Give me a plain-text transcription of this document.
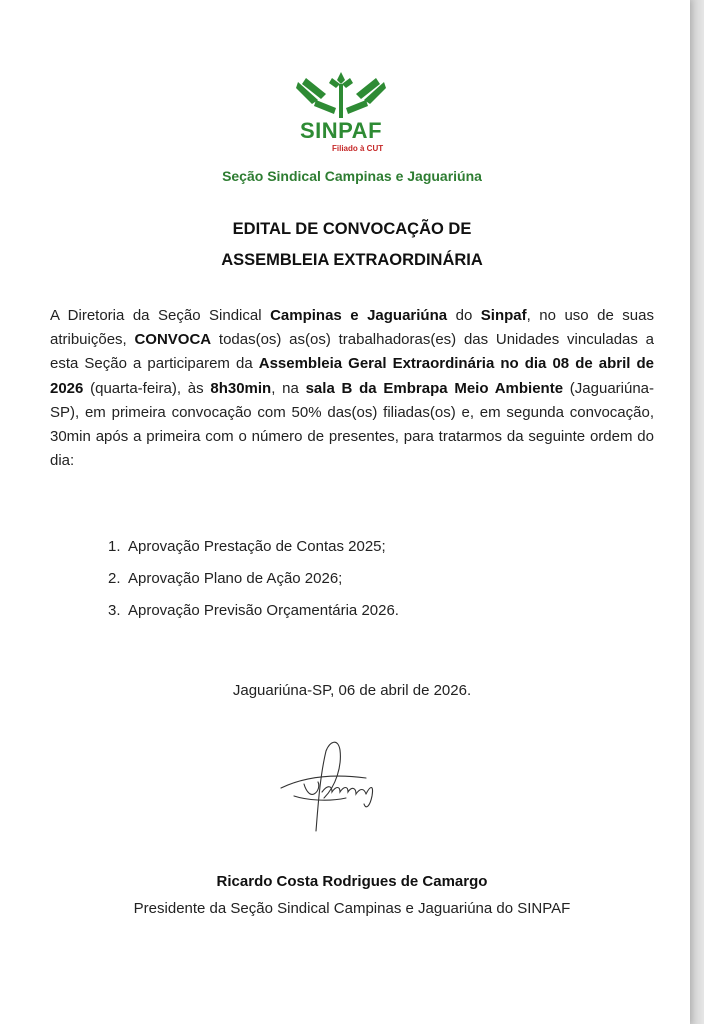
SINPAF
Filiado à CUT
Seção Sindical Campinas e Jaguariúna
EDITAL DE CONVOCAÇÃO DE
ASSEMBLEIA EXTRAORDINÁRIA
A Diretoria da Seção Sindical Campinas e Jaguariúna do Sinpaf, no uso de suas atribuições, CONVOCA todas(os) as(os) trabalhadoras(es) das Unidades vinculadas a esta Seção a participarem da Assembleia Geral Extraordinária no dia 08 de abril de 2026 (quarta-feira), às 8h30min, na sala B da Embrapa Meio Ambiente (Jaguariúna-SP), em primeira convocação com 50% das(os) filiadas(os) e, em segunda convocação, 30min após a primeira com o número de presentes, para tratarmos da seguinte ordem do dia:
1. Aprovação Prestação de Contas 2025;
2. Aprovação Plano de Ação 2026;
3. Aprovação Previsão Orçamentária 2026.
Jaguariúna-SP, 06 de abril de 2026.
Ricardo Costa Rodrigues de Camargo
Presidente da Seção Sindical Campinas e Jaguariúna do SINPAF
